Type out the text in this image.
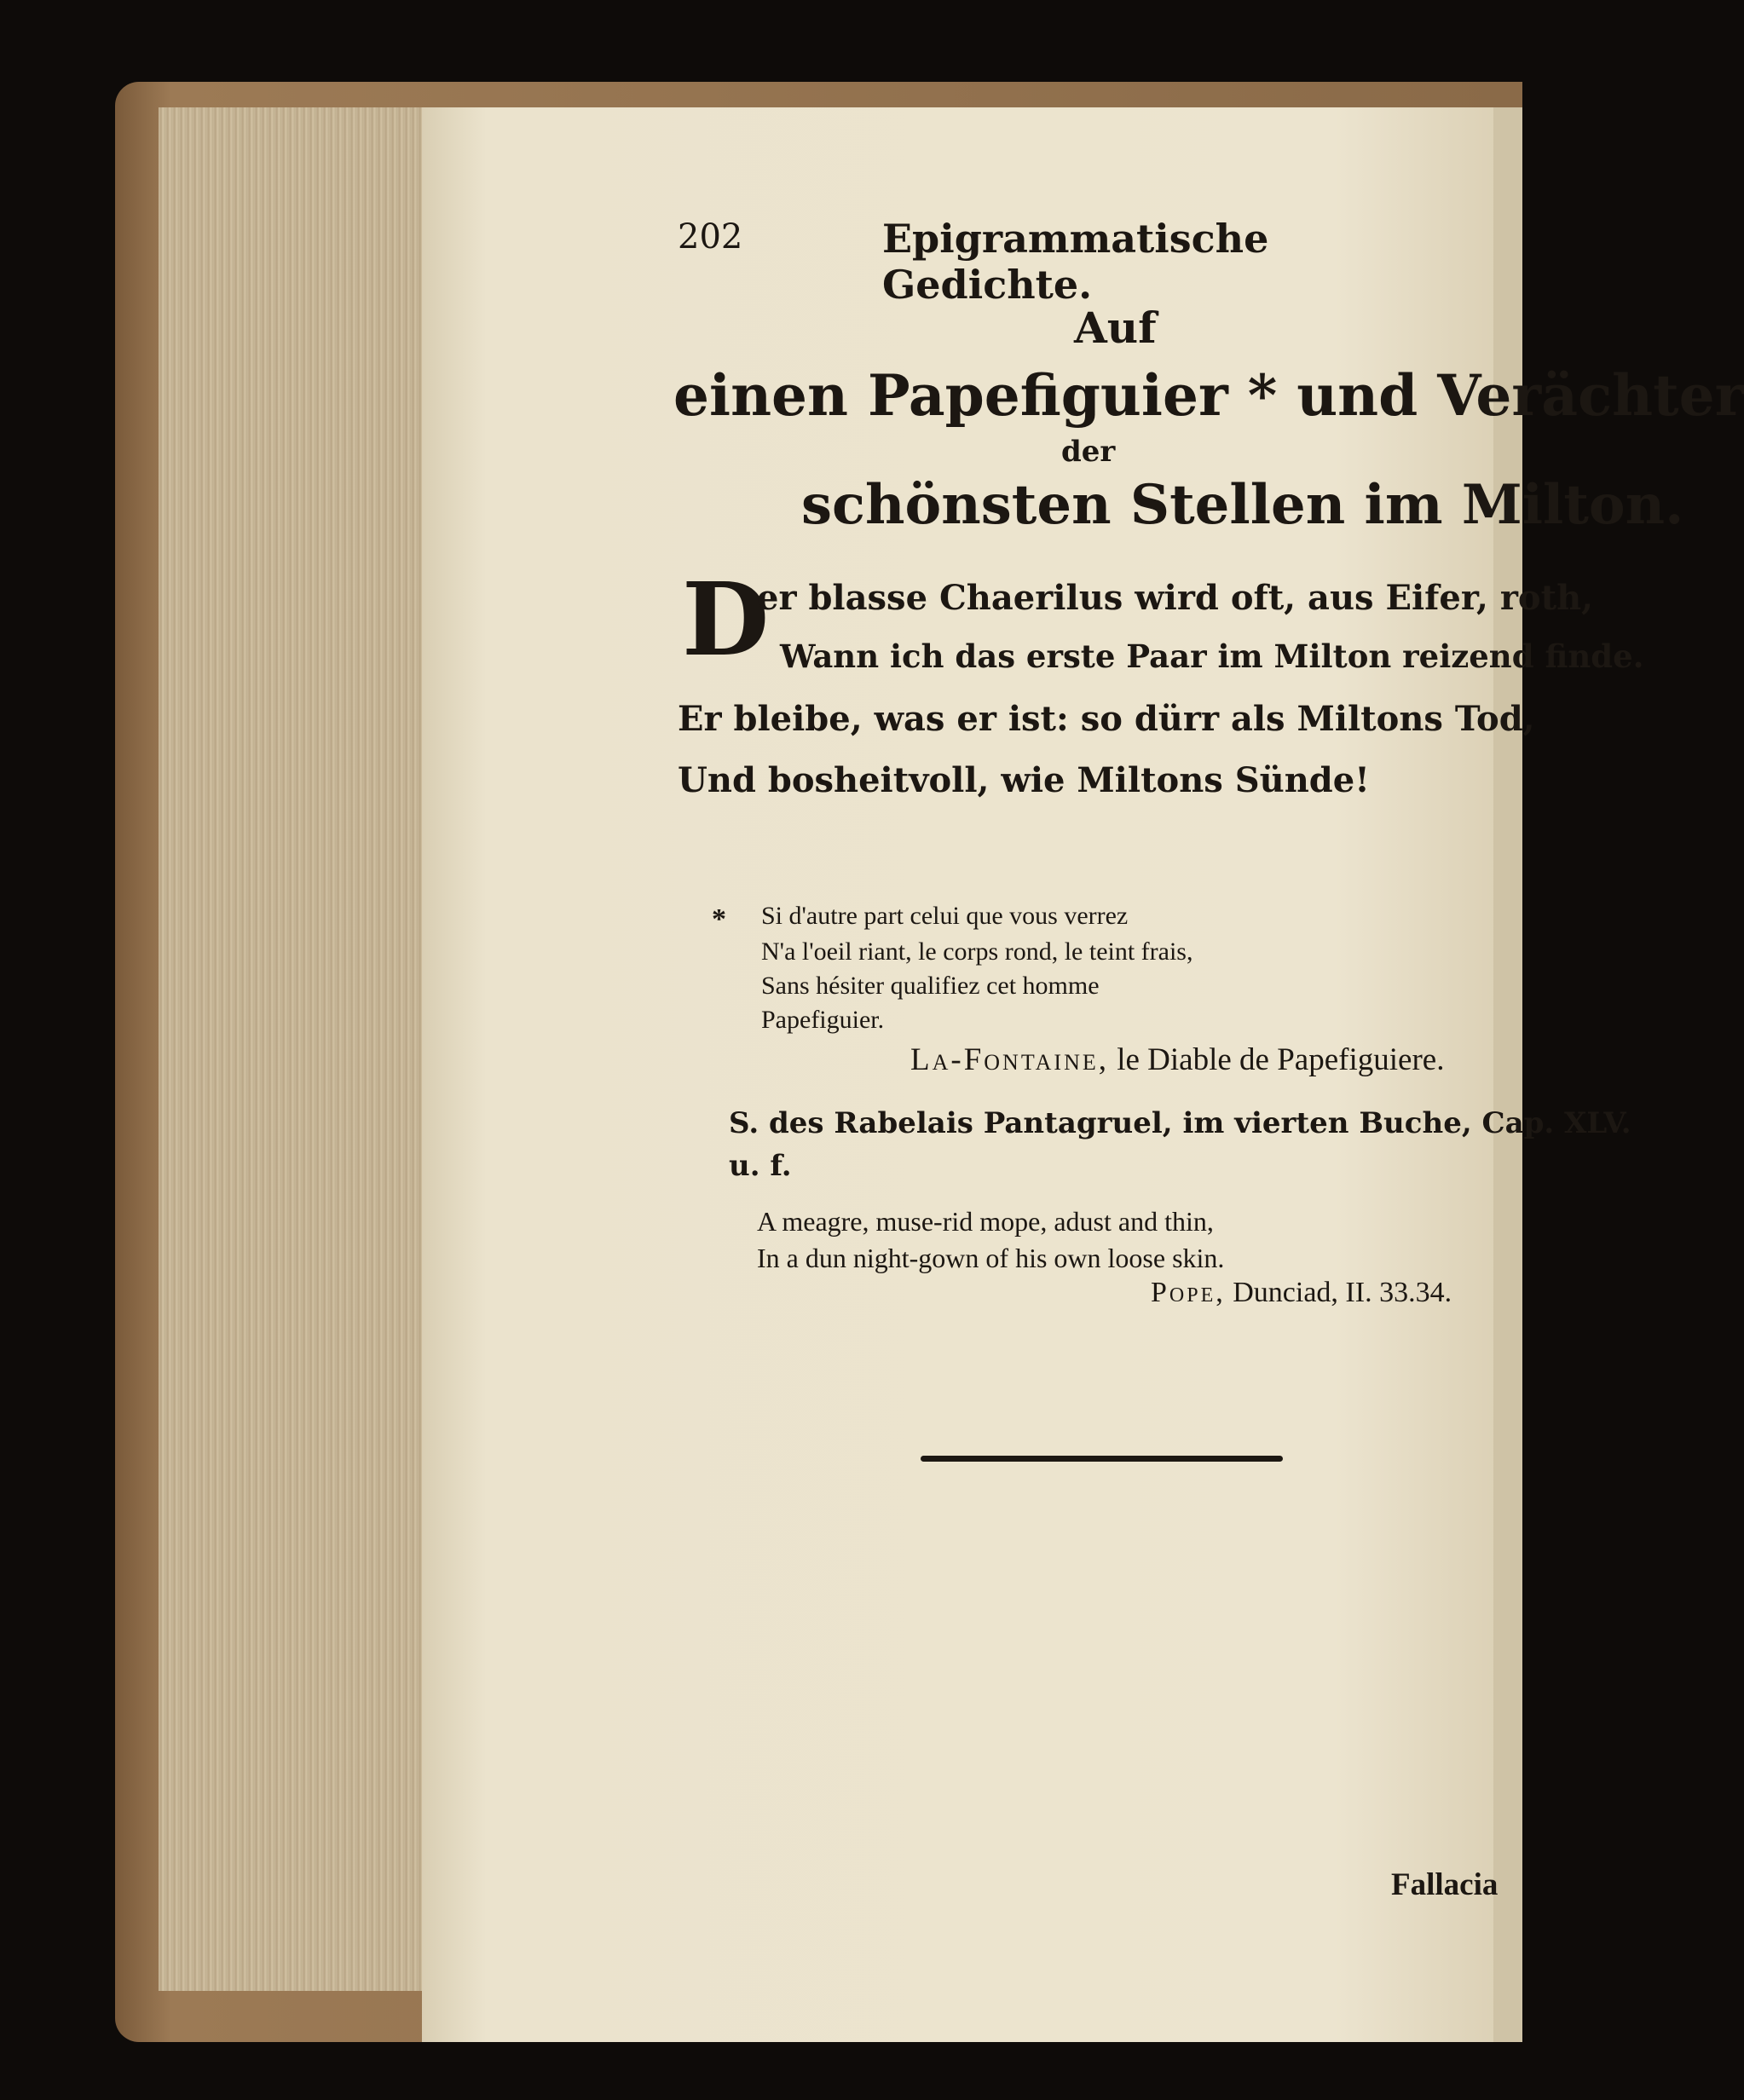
202	Epigrammatische Gedichte.
Auf
einen Papefiguier * und Verächter
der
schönsten Stellen im Milton.
D
er blasse Chaerilus wird oft, aus Eifer, roth,
Wann ich das erste Paar im Milton reizend finde.
Er bleibe, was er ist: so dürr als Miltons Tod,
Und bosheitvoll, wie Miltons Sünde!
* Si d'autre part celui que vous verrez
N'a l'oeil riant, le corps rond, le teint frais,
Sans hésiter qualifiez cet homme
Papefiguier.
La-Fontaine, le Diable de Papefiguiere.
S. des Rabelais Pantagruel, im vierten Buche, Cap. XLV.
u. f.
A meagre, muse-rid mope, adust and thin,
In a dun night-gown of his own loose skin.
Pope, Dunciad, II. 33.34.
Fallacia
